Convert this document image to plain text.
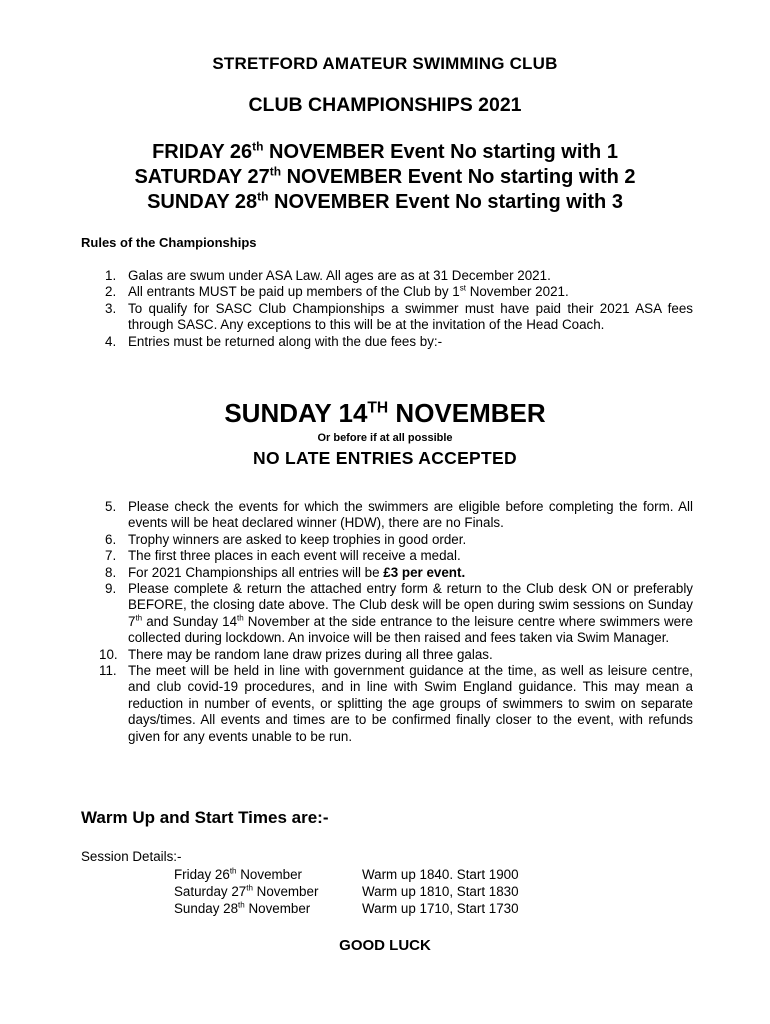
STRETFORD AMATEUR SWIMMING CLUB
CLUB CHAMPIONSHIPS 2021
FRIDAY 26th NOVEMBER Event No starting with 1
SATURDAY 27th NOVEMBER Event No starting with 2
SUNDAY 28th NOVEMBER Event No starting with 3
Rules of the Championships
1. Galas are swum under ASA Law. All ages are as at 31 December 2021.
2. All entrants MUST be paid up members of the Club by 1st November 2021.
3. To qualify for SASC Club Championships a swimmer must have paid their 2021 ASA fees through SASC. Any exceptions to this will be at the invitation of the Head Coach.
4. Entries must be returned along with the due fees by:-
SUNDAY 14TH NOVEMBER
Or before if at all possible
NO LATE ENTRIES ACCEPTED
5. Please check the events for which the swimmers are eligible before completing the form. All events will be heat declared winner (HDW), there are no Finals.
6. Trophy winners are asked to keep trophies in good order.
7. The first three places in each event will receive a medal.
8. For 2021 Championships all entries will be £3 per event.
9. Please complete & return the attached entry form & return to the Club desk ON or preferably BEFORE, the closing date above. The Club desk will be open during swim sessions on Sunday 7th and Sunday 14th November at the side entrance to the leisure centre where swimmers were collected during lockdown. An invoice will be then raised and fees taken via Swim Manager.
10. There may be random lane draw prizes during all three galas.
11. The meet will be held in line with government guidance at the time, as well as leisure centre, and club covid-19 procedures, and in line with Swim England guidance. This may mean a reduction in number of events, or splitting the age groups of swimmers to swim on separate days/times. All events and times are to be confirmed finally closer to the event, with refunds given for any events unable to be run.
Warm Up and Start Times are:-
Session Details:-
Friday 26th November	Warm up 1840. Start 1900
Saturday 27th November	Warm up 1810, Start 1830
Sunday 28th November	Warm up 1710, Start 1730
GOOD LUCK
